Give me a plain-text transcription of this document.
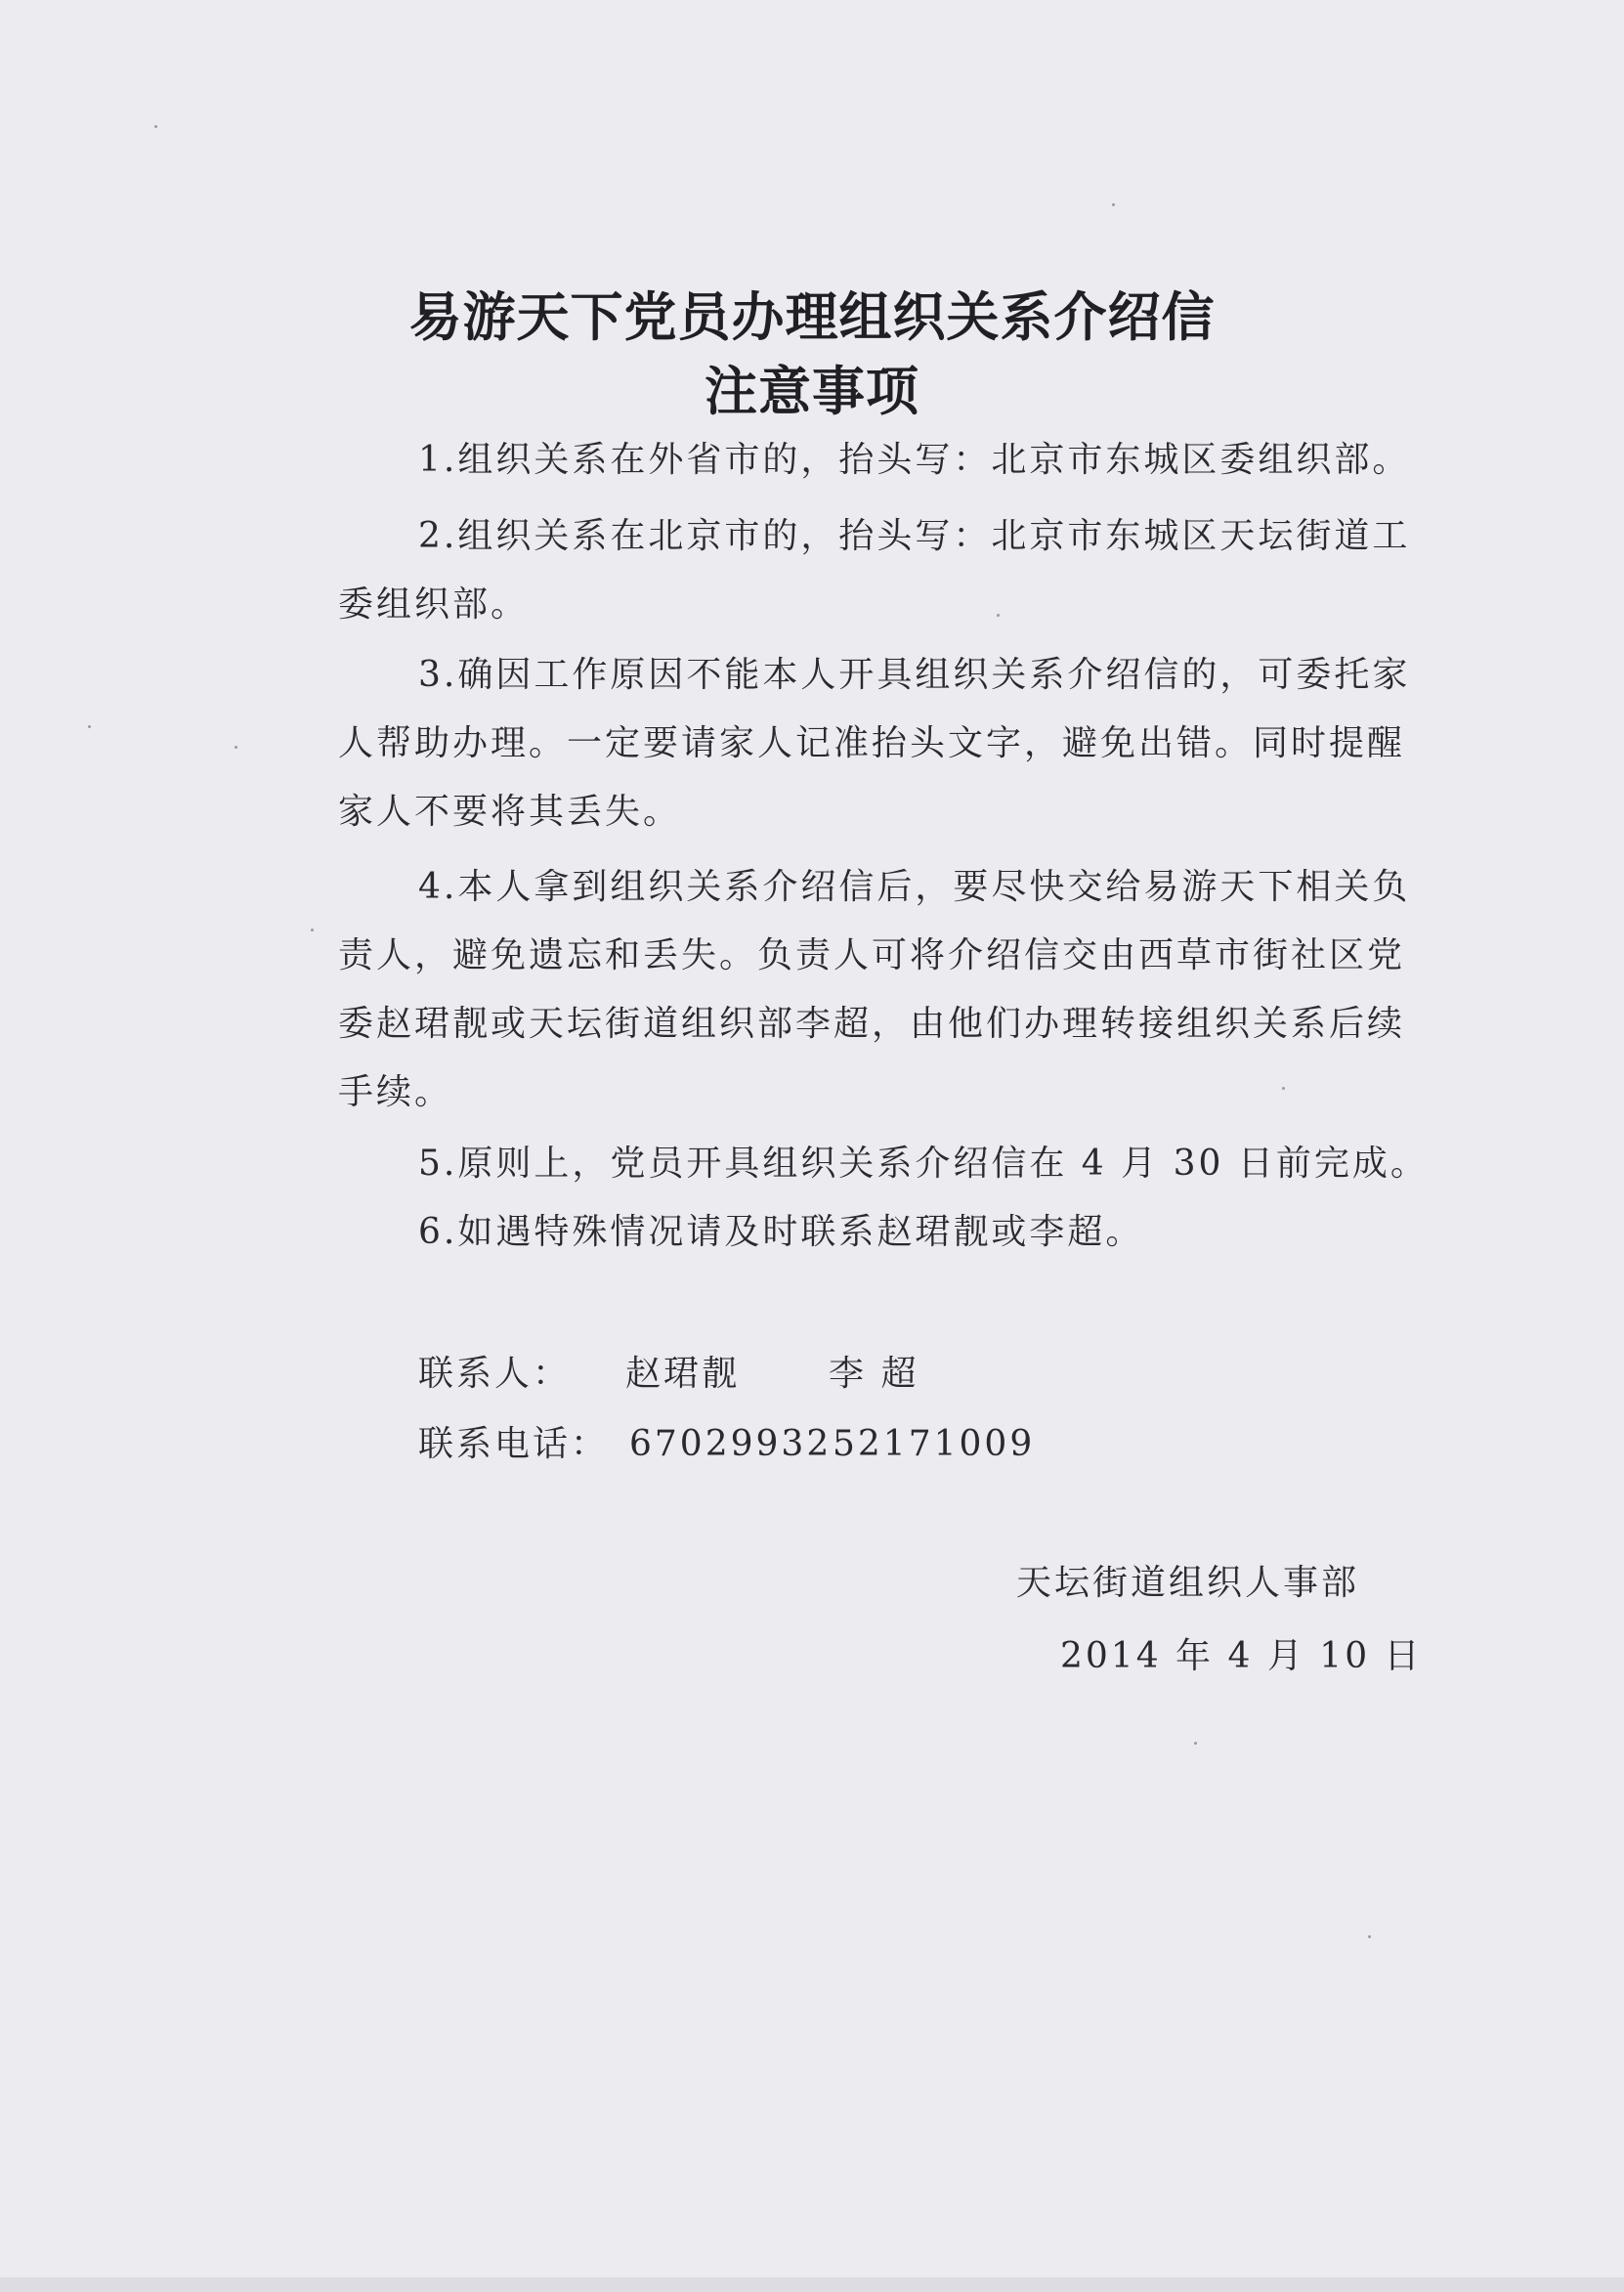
易游天下党员办理组织关系介绍信
注意事项
1.组织关系在外省市的，抬头写：北京市东城区委组织部。
2.组织关系在北京市的，抬头写：北京市东城区天坛街道工
委组织部。
3.确因工作原因不能本人开具组织关系介绍信的，可委托家
人帮助办理。一定要请家人记准抬头文字，避免出错。同时提醒
家人不要将其丢失。
4.本人拿到组织关系介绍信后，要尽快交给易游天下相关负
责人，避免遗忘和丢失。负责人可将介绍信交由西草市街社区党
委赵珺靓或天坛街道组织部李超，由他们办理转接组织关系后续
手续。
5.原则上，党员开具组织关系介绍信在 4 月 30 日前完成。
6.如遇特殊情况请及时联系赵珺靓或李超。
联系人： 赵珺靓	李 超
联系电话： 67029932 52171009
天坛街道组织人事部
2014 年 4 月 10 日
